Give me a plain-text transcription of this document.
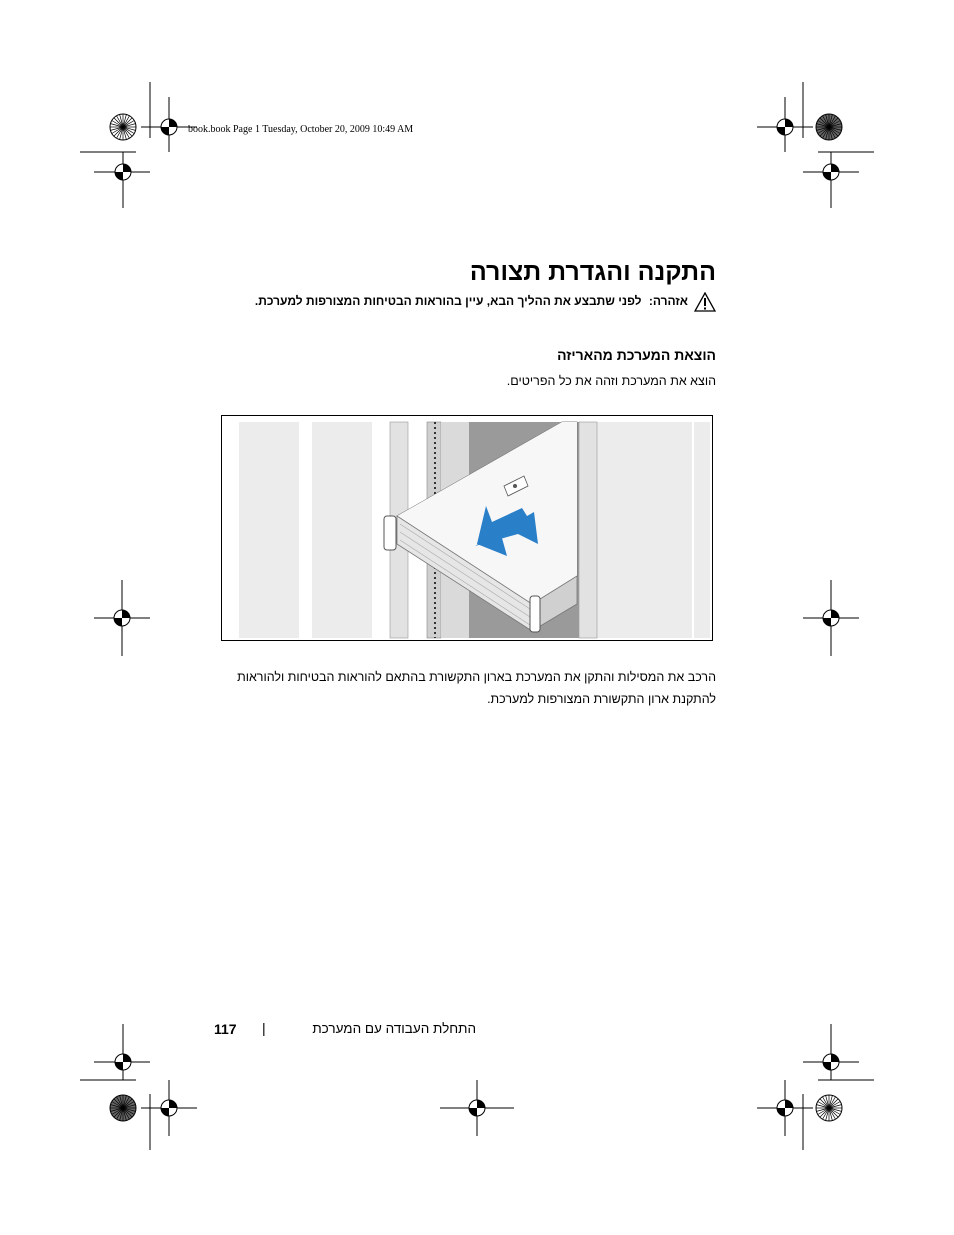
book.book Page 1 Tuesday, October 20, 2009 10:49 AM
התקנה והגדרת תצורה
אזהרה: לפני שתבצע את ההליך הבא, עיין בהוראות הבטיחות המצורפות למערכת.
הוצאת המערכת מהאריזה

הוצא את המערכת וזהה את כל הפריטים.

הרכב את המסילות והתקן את המערכת בארון התקשורת בהתאם להוראות הבטיחות ולהוראות להתקנת ארון התקשורת המצורפות למערכת.

117 |	התחלת העבודה עם המערכת
